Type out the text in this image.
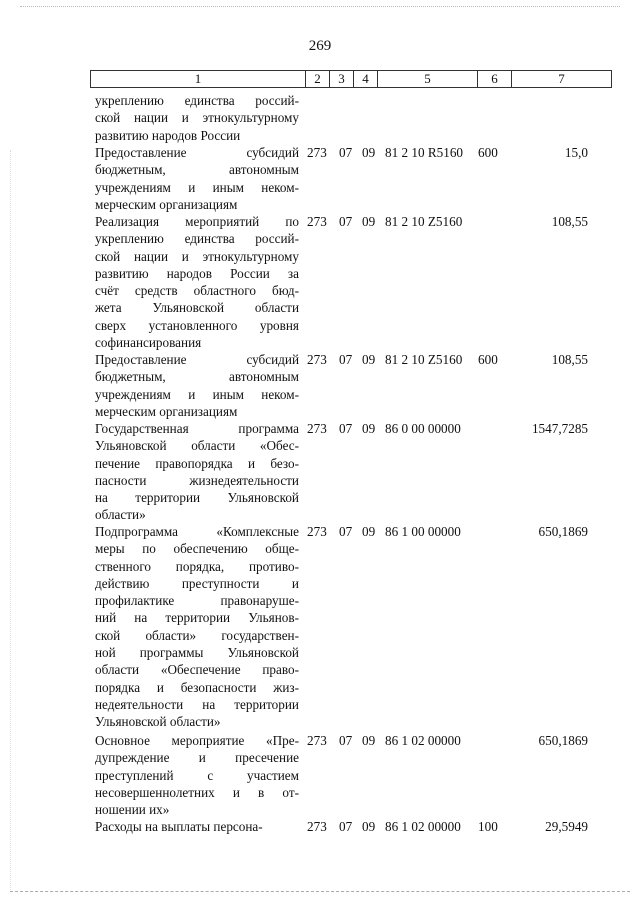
269
1	2	3	4	5	6	7
укреплению единства россий-
ской нации и этнокультурному
развитию народов России
Предоставление субсидий
бюджетным, автономным
учреждениям и иным неком-
мерческим организациям
273 07 09 81 2 10 R5160 600	15,0
Реализация мероприятий по
укреплению единства россий-
ской нации и этнокультурному
развитию народов России за
счёт средств областного бюд-
жета Ульяновской области
сверх установленного уровня
софинансирования
273 07 09 81 2 10 Z5160	108,55
Предоставление субсидий
бюджетным, автономным
учреждениям и иным неком-
мерческим организациям
273 07 09 81 2 10 Z5160 600	108,55
Государственная программа
Ульяновской области «Обес-
печение правопорядка и безо-
пасности жизнедеятельности
на территории Ульяновской
области»
273 07 09 86 0 00 00000	1547,7285
Подпрограмма «Комплексные
меры по обеспечению обще-
ственного порядка, противо-
действию преступности и
профилактике правонаруше-
ний на территории Ульянов-
ской области» государствен-
ной программы Ульяновской
области «Обеспечение право-
порядка и безопасности жиз-
недеятельности на территории
Ульяновской области»
273 07 09 86 1 00 00000	650,1869
Основное мероприятие «Пре-
дупреждение и пресечение
преступлений с участием
несовершеннолетних и в от-
ношении их»
273 07 09 86 1 02 00000	650,1869
Расходы на выплаты персона-	273 07 09 86 1 02 00000 100	29,5949
